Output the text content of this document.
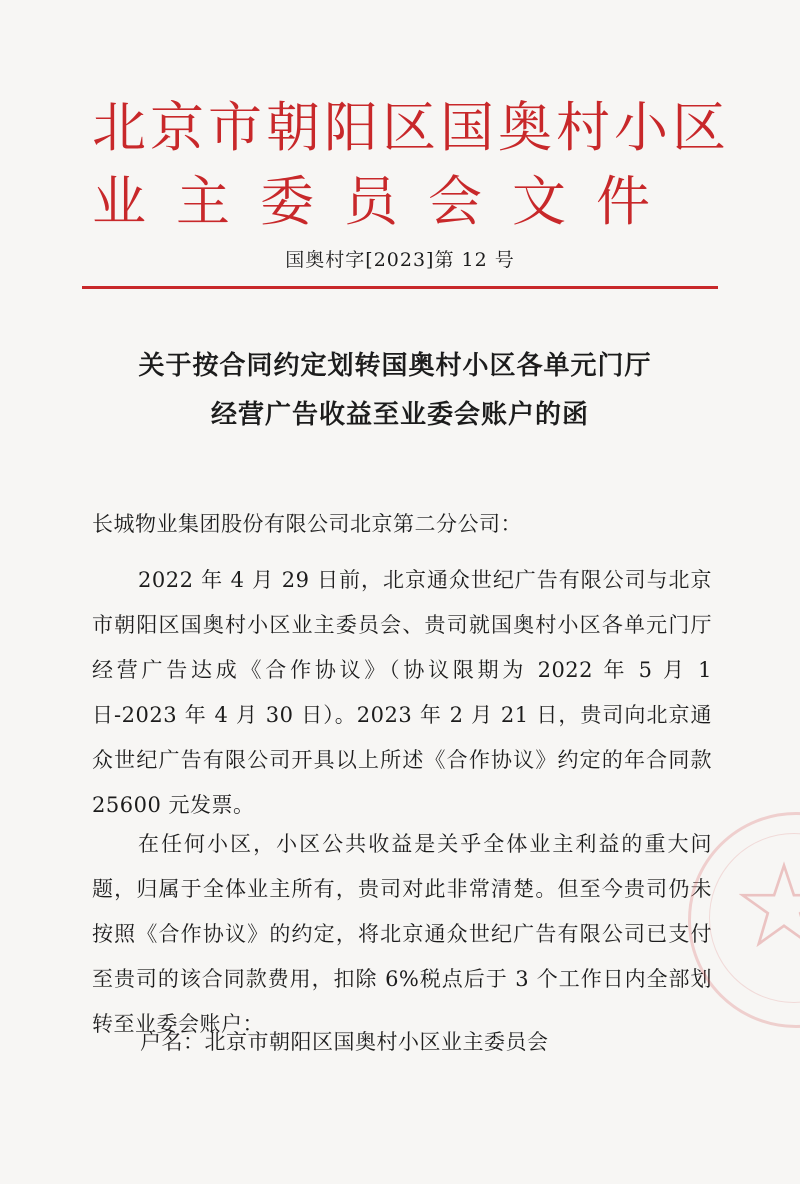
北京市朝阳区国奥村小区
业主委员会文件
国奥村字[2023]第 12 号
关于按合同约定划转国奥村小区各单元门厅
经营广告收益至业委会账户的函
长城物业集团股份有限公司北京第二分公司：

2022 年 4 月 29 日前，北京通众世纪广告有限公司与北京市朝阳区国奥村小区业主委员会、贵司就国奥村小区各单元门厅经营广告达成《合作协议》（协议限期为 2022 年 5 月 1 日-2023 年 4 月 30 日）。2023 年 2 月 21 日，贵司向北京通众世纪广告有限公司开具以上所述《合作协议》约定的年合同款 25600 元发票。

在任何小区，小区公共收益是关乎全体业主利益的重大问题，归属于全体业主所有，贵司对此非常清楚。但至今贵司仍未按照《合作协议》的约定，将北京通众世纪广告有限公司已支付至贵司的该合同款费用，扣除 6%税点后于 3 个工作日内全部划转至业委会账户：

户名：北京市朝阳区国奥村小区业主委员会
